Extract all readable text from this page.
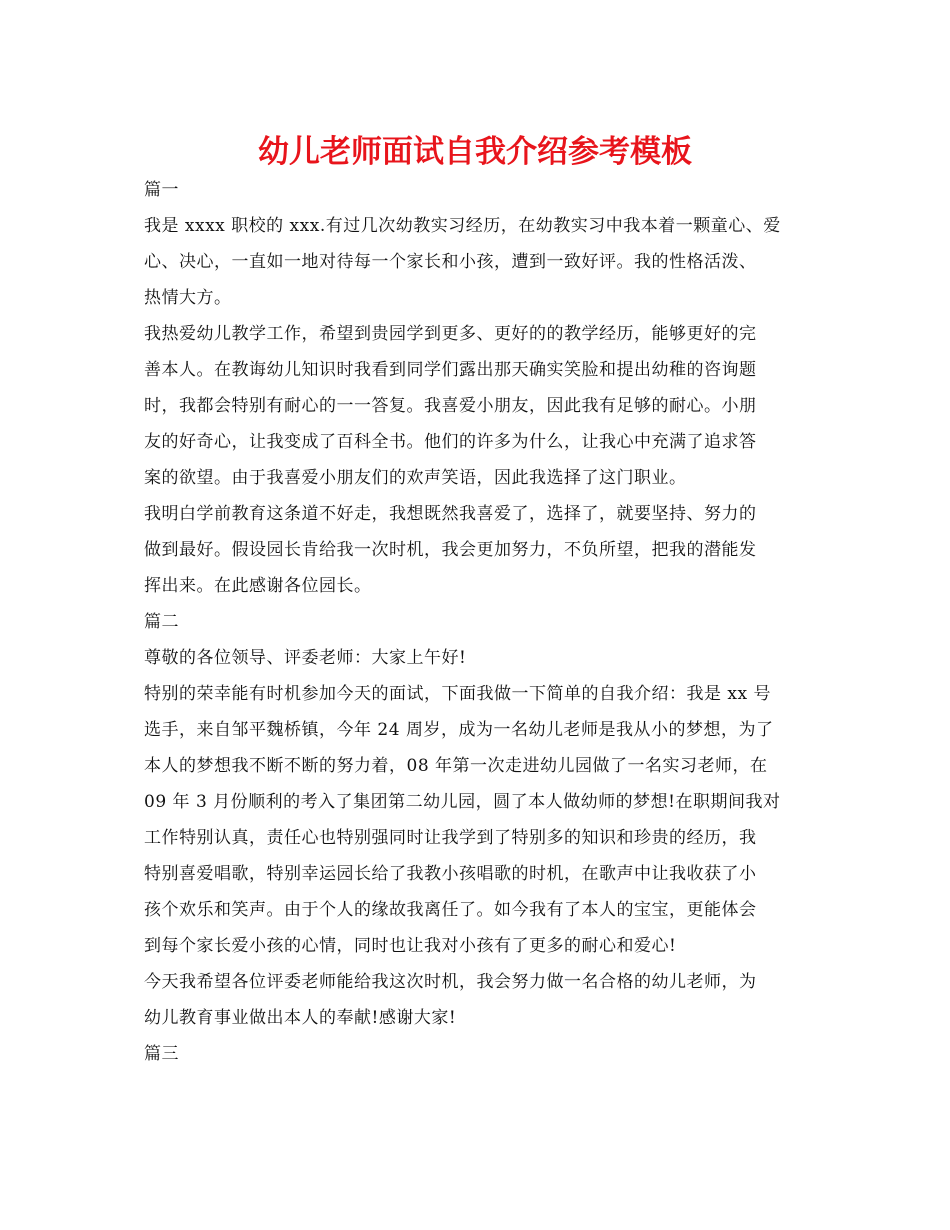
幼儿老师面试自我介绍参考模板
篇一
我是 xxxx 职校的 xxx.有过几次幼教实习经历，在幼教实习中我本着一颗童心、爱
心、决心，一直如一地对待每一个家长和小孩，遭到一致好评。我的性格活泼、
热情大方。
我热爱幼儿教学工作，希望到贵园学到更多、更好的的教学经历，能够更好的完
善本人。在教诲幼儿知识时我看到同学们露出那天确实笑脸和提出幼稚的咨询题
时，我都会特别有耐心的一一答复。我喜爱小朋友，因此我有足够的耐心。小朋
友的好奇心，让我变成了百科全书。他们的许多为什么，让我心中充满了追求答
案的欲望。由于我喜爱小朋友们的欢声笑语，因此我选择了这门职业。
我明白学前教育这条道不好走，我想既然我喜爱了，选择了，就要坚持、努力的
做到最好。假设园长肯给我一次时机，我会更加努力，不负所望，把我的潜能发
挥出来。在此感谢各位园长。
篇二
尊敬的各位领导、评委老师：大家上午好!
特别的荣幸能有时机参加今天的面试，下面我做一下简单的自我介绍：我是 xx 号
选手，来自邹平魏桥镇，今年 24 周岁，成为一名幼儿老师是我从小的梦想，为了
本人的梦想我不断不断的努力着，08 年第一次走进幼儿园做了一名实习老师，在
09 年 3 月份顺利的考入了集团第二幼儿园，圆了本人做幼师的梦想!在职期间我对
工作特别认真，责任心也特别强同时让我学到了特别多的知识和珍贵的经历，我
特别喜爱唱歌，特别幸运园长给了我教小孩唱歌的时机，在歌声中让我收获了小
孩个欢乐和笑声。由于个人的缘故我离任了。如今我有了本人的宝宝，更能体会
到每个家长爱小孩的心情，同时也让我对小孩有了更多的耐心和爱心!
今天我希望各位评委老师能给我这次时机，我会努力做一名合格的幼儿老师，为
幼儿教育事业做出本人的奉献!感谢大家!
篇三
